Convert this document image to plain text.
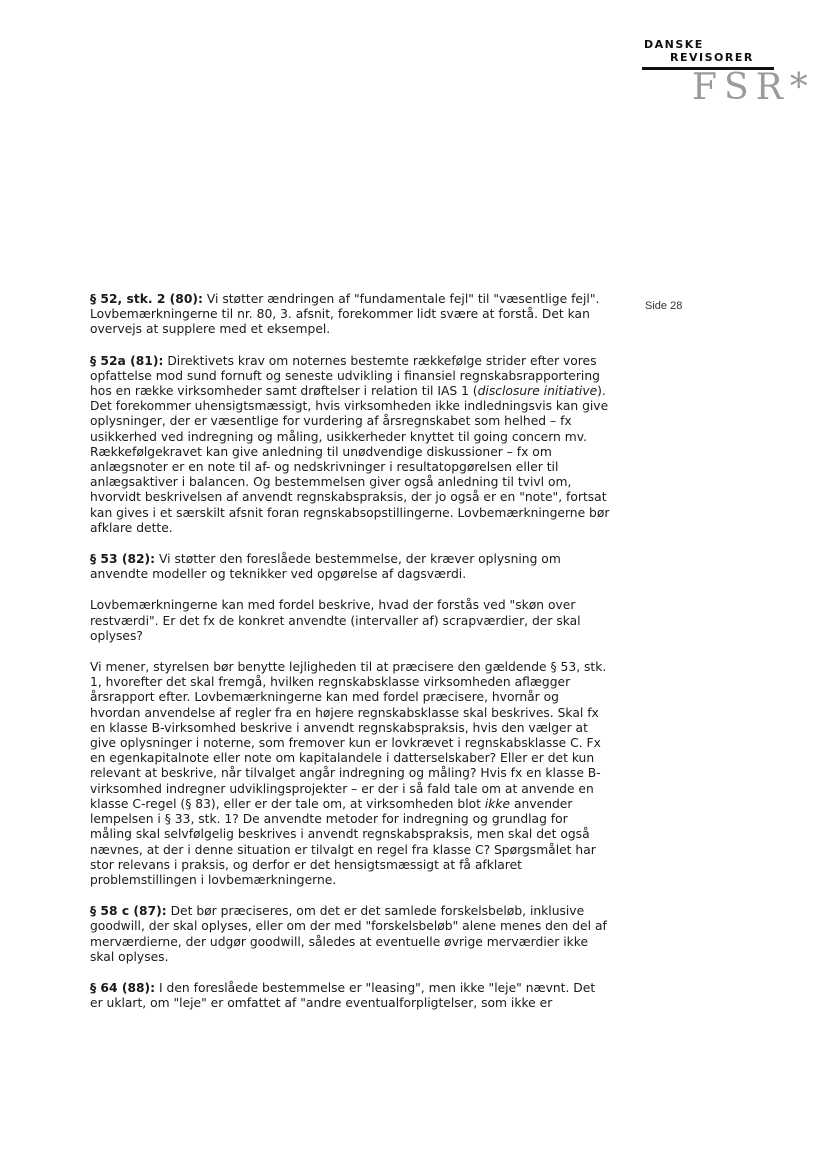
DANSKE

REVISORER

FSR*

Side 28

§ 52, stk. 2 (80): Vi støtter ændringen af "fundamentale fejl" til "væsentlige fejl". Lovbemærkningerne til nr. 80, 3. afsnit, forekommer lidt svære at forstå. Det kan overvejs at supplere med et eksempel.

§ 52a (81): Direktivets krav om noternes bestemte rækkefølge strider efter vores opfattelse mod sund fornuft og seneste udvikling i finansiel regnskabsrapportering hos en række virksomheder samt drøftelser i relation til IAS 1 (disclosure initiative). Det forekommer uhensigtsmæssigt, hvis virksomheden ikke indledningsvis kan give oplysninger, der er væsentlige for vurdering af årsregnskabet som helhed – fx usikkerhed ved indregning og måling, usikkerheder knyttet til going concern mv. Rækkefølgekravet kan give anledning til unødvendige diskussioner – fx om anlægsnoter er en note til af- og nedskrivninger i resultatopgørelsen eller til anlægsaktiver i balancen. Og bestemmelsen giver også anledning til tvivl om, hvorvidt beskrivelsen af anvendt regnskabspraksis, der jo også er en "note", fortsat kan gives i et særskilt afsnit foran regnskabsopstillingerne. Lovbemærkningerne bør afklare dette.

§ 53 (82): Vi støtter den foreslåede bestemmelse, der kræver oplysning om anvendte modeller og teknikker ved opgørelse af dagsværdi.

Lovbemærkningerne kan med fordel beskrive, hvad der forstås ved "skøn over restværdi". Er det fx de konkret anvendte (intervaller af) scrapværdier, der skal oplyses?

Vi mener, styrelsen bør benytte lejligheden til at præcisere den gældende § 53, stk. 1, hvorefter det skal fremgå, hvilken regnskabsklasse virksomheden aflægger årsrapport efter. Lovbemærkningerne kan med fordel præcisere, hvornår og hvordan anvendelse af regler fra en højere regnskabsklasse skal beskrives. Skal fx en klasse B-virksomhed beskrive i anvendt regnskabspraksis, hvis den vælger at give oplysninger i noterne, som fremover kun er lovkrævet i regnskabsklasse C. Fx en egenkapitalnote eller note om kapitalandele i datterselskaber? Eller er det kun relevant at beskrive, når tilvalget angår indregning og måling? Hvis fx en klasse B-virksomhed indregner udviklingsprojekter – er der i så fald tale om at anvende en klasse C-regel (§ 83), eller er der tale om, at virksomheden blot ikke anvender lempelsen i § 33, stk. 1? De anvendte metoder for indregning og grundlag for måling skal selvfølgelig beskrives i anvendt regnskabspraksis, men skal det også nævnes, at der i denne situation er tilvalgt en regel fra klasse C? Spørgsmålet har stor relevans i praksis, og derfor er det hensigtsmæssigt at få afklaret problemstillingen i lovbemærkningerne.

§ 58 c (87): Det bør præciseres, om det er det samlede forskelsbeløb, inklusive goodwill, der skal oplyses, eller om der med "forskelsbeløb" alene menes den del af merværdierne, der udgør goodwill, således at eventuelle øvrige merværdier ikke skal oplyses.

§ 64 (88): I den foreslåede bestemmelse er "leasing", men ikke "leje" nævnt. Det er uklart, om "leje" er omfattet af "andre eventualforpligtelser, som ikke er
